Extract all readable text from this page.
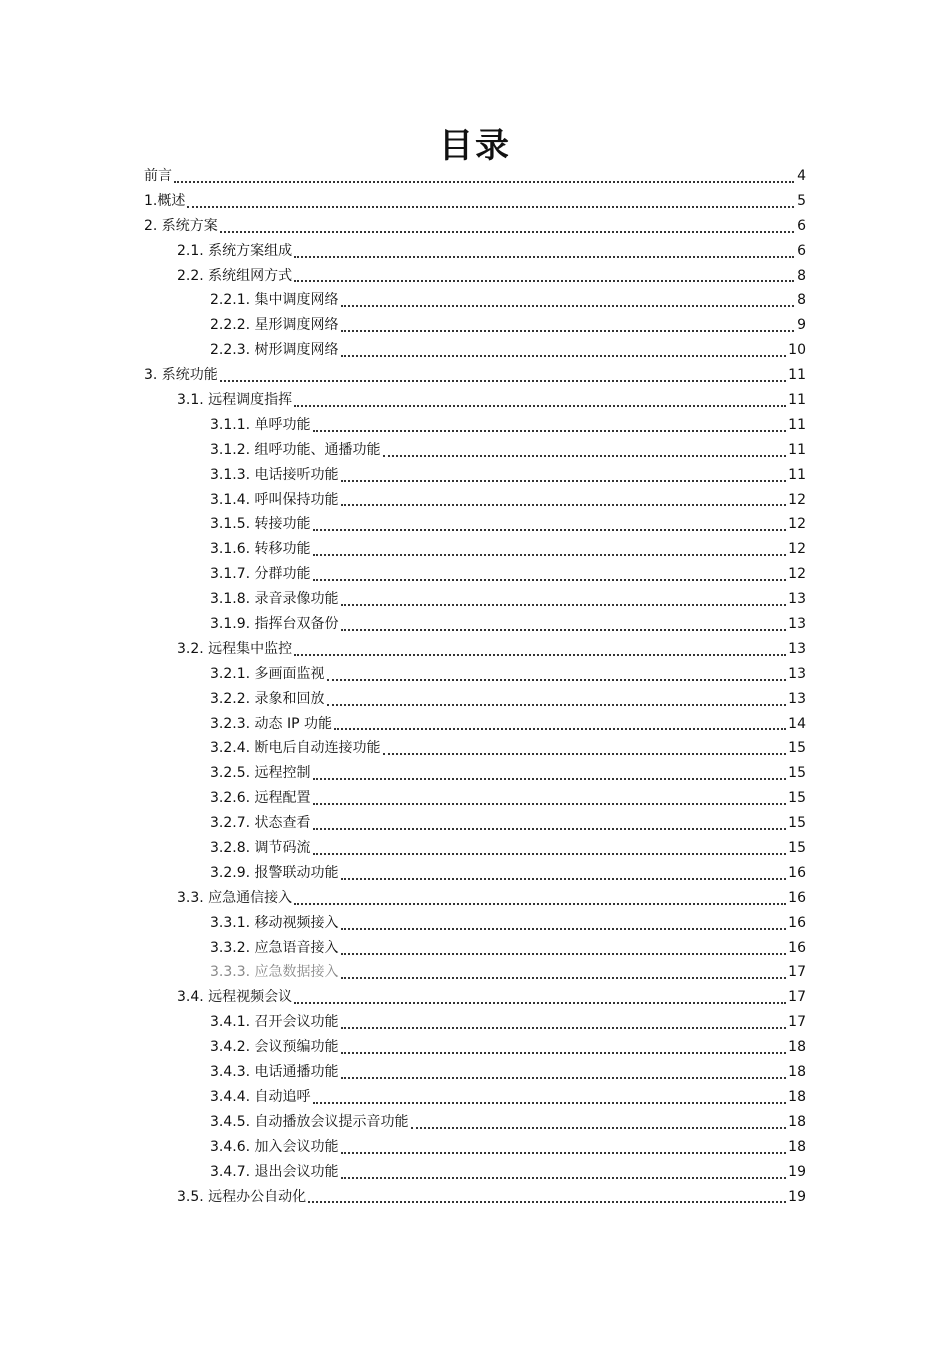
目录
前言	4
1.概述	5
2. 系统方案	6
2.1. 系统方案组成	6
2.2. 系统组网方式	8
2.2.1. 集中调度网络	8
2.2.2. 星形调度网络	9
2.2.3. 树形调度网络	10
3. 系统功能	11
3.1. 远程调度指挥	11
3.1.1. 单呼功能	11
3.1.2. 组呼功能、通播功能	11
3.1.3. 电话接听功能	11
3.1.4. 呼叫保持功能	12
3.1.5. 转接功能	12
3.1.6. 转移功能	12
3.1.7. 分群功能	12
3.1.8. 录音录像功能	13
3.1.9. 指挥台双备份	13
3.2. 远程集中监控	13
3.2.1. 多画面监视	13
3.2.2. 录象和回放	13
3.2.3. 动态 IP 功能	14
3.2.4. 断电后自动连接功能	15
3.2.5. 远程控制	15
3.2.6. 远程配置	15
3.2.7. 状态查看	15
3.2.8. 调节码流	15
3.2.9. 报警联动功能	16
3.3. 应急通信接入	16
3.3.1. 移动视频接入	16
3.3.2. 应急语音接入	16
3.3.3. 应急数据接入	17
3.4. 远程视频会议	17
3.4.1. 召开会议功能	17
3.4.2. 会议预编功能	18
3.4.3. 电话通播功能	18
3.4.4. 自动追呼	18
3.4.5. 自动播放会议提示音功能	18
3.4.6. 加入会议功能	18
3.4.7. 退出会议功能	19
3.5. 远程办公自动化	19
